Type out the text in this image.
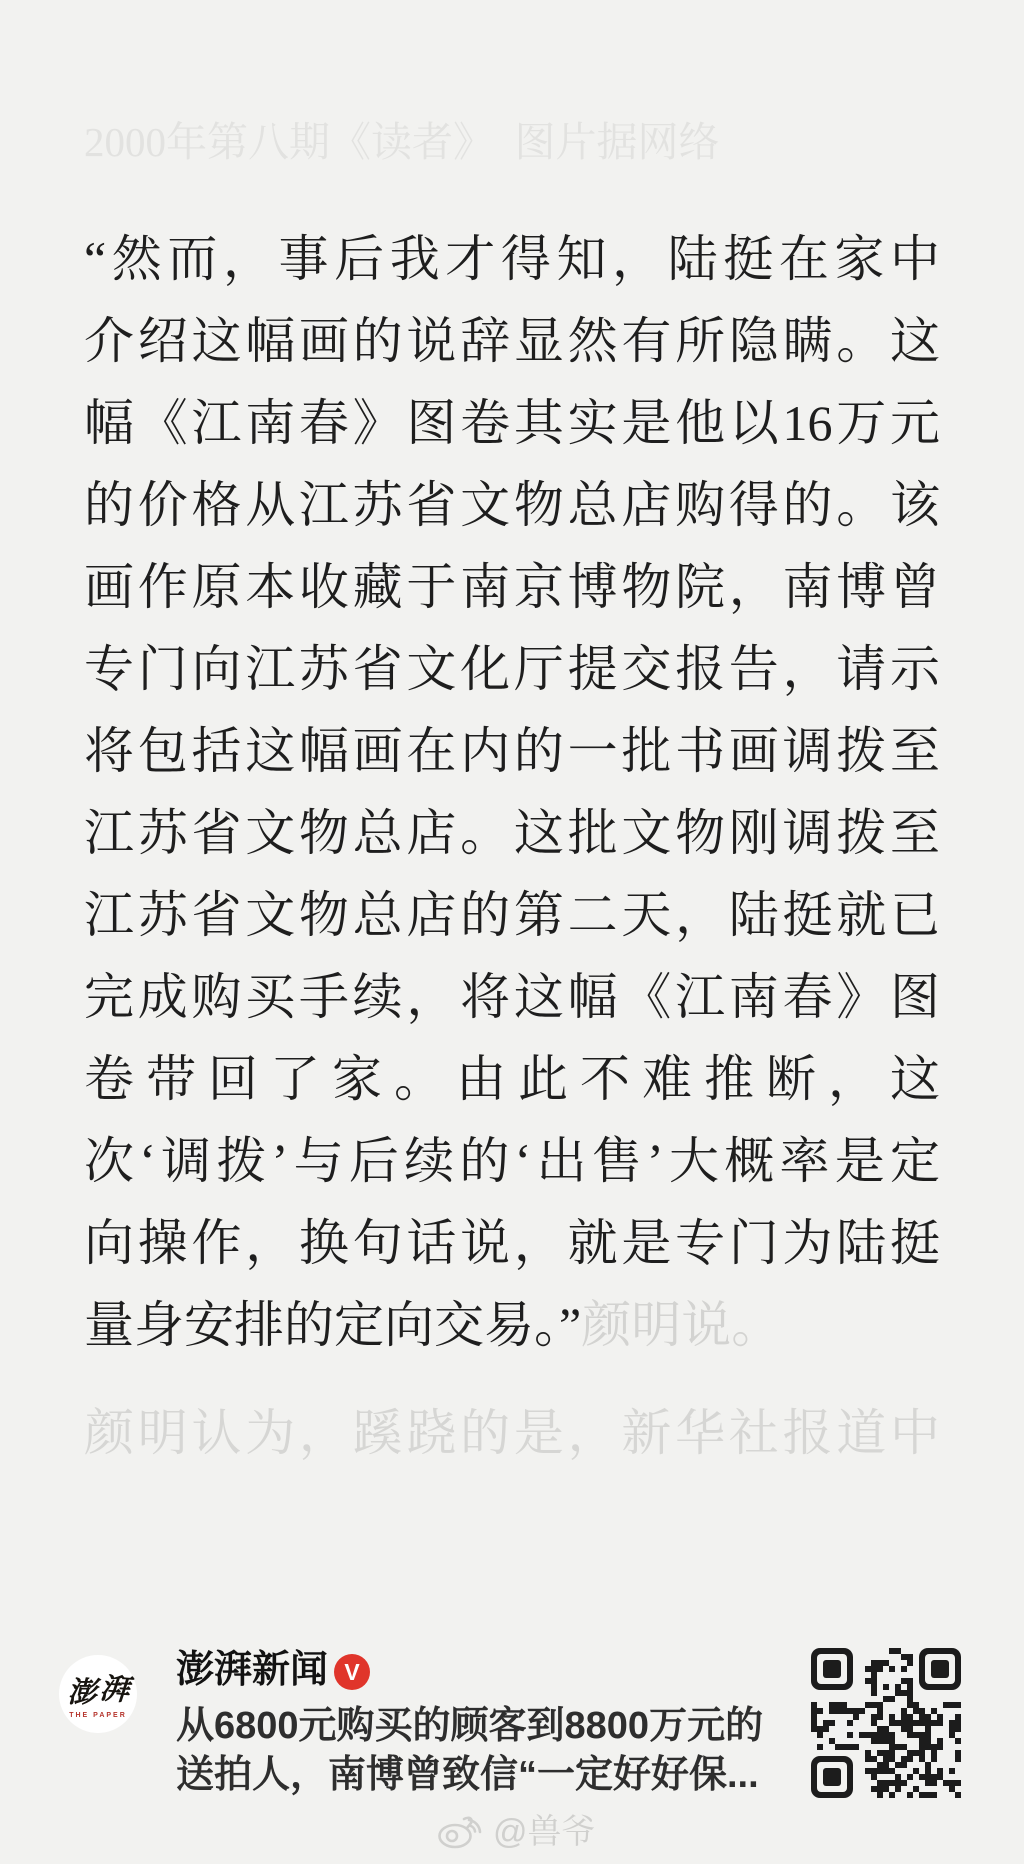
2000年第八期《读者》　图片据网络
“然而，事后我才得知，陆挺在家中
介绍这幅画的说辞显然有所隐瞒。这
幅《江南春》图卷其实是他以16万元
的价格从江苏省文物总店购得的。该
画作原本收藏于南京博物院，南博曾
专门向江苏省文化厅提交报告，请示
将包括这幅画在内的一批书画调拨至
江苏省文物总店。这批文物刚调拨至
江苏省文物总店的第二天，陆挺就已
完成购买手续，将这幅《江南春》图
卷带回了家。由此不难推断，这
次‘调拨’与后续的‘出售’大概率是定
向操作，换句话说，就是专门为陆挺
量身安排的定向交易。”颜明说。
颜明认为，蹊跷的是，新华社报道中
澎 湃
THE PAPER
澎湃新闻 V
从6800元购买的顾客到8800万元的
送拍人，南博曾致信“一定好好保...
@兽爷
